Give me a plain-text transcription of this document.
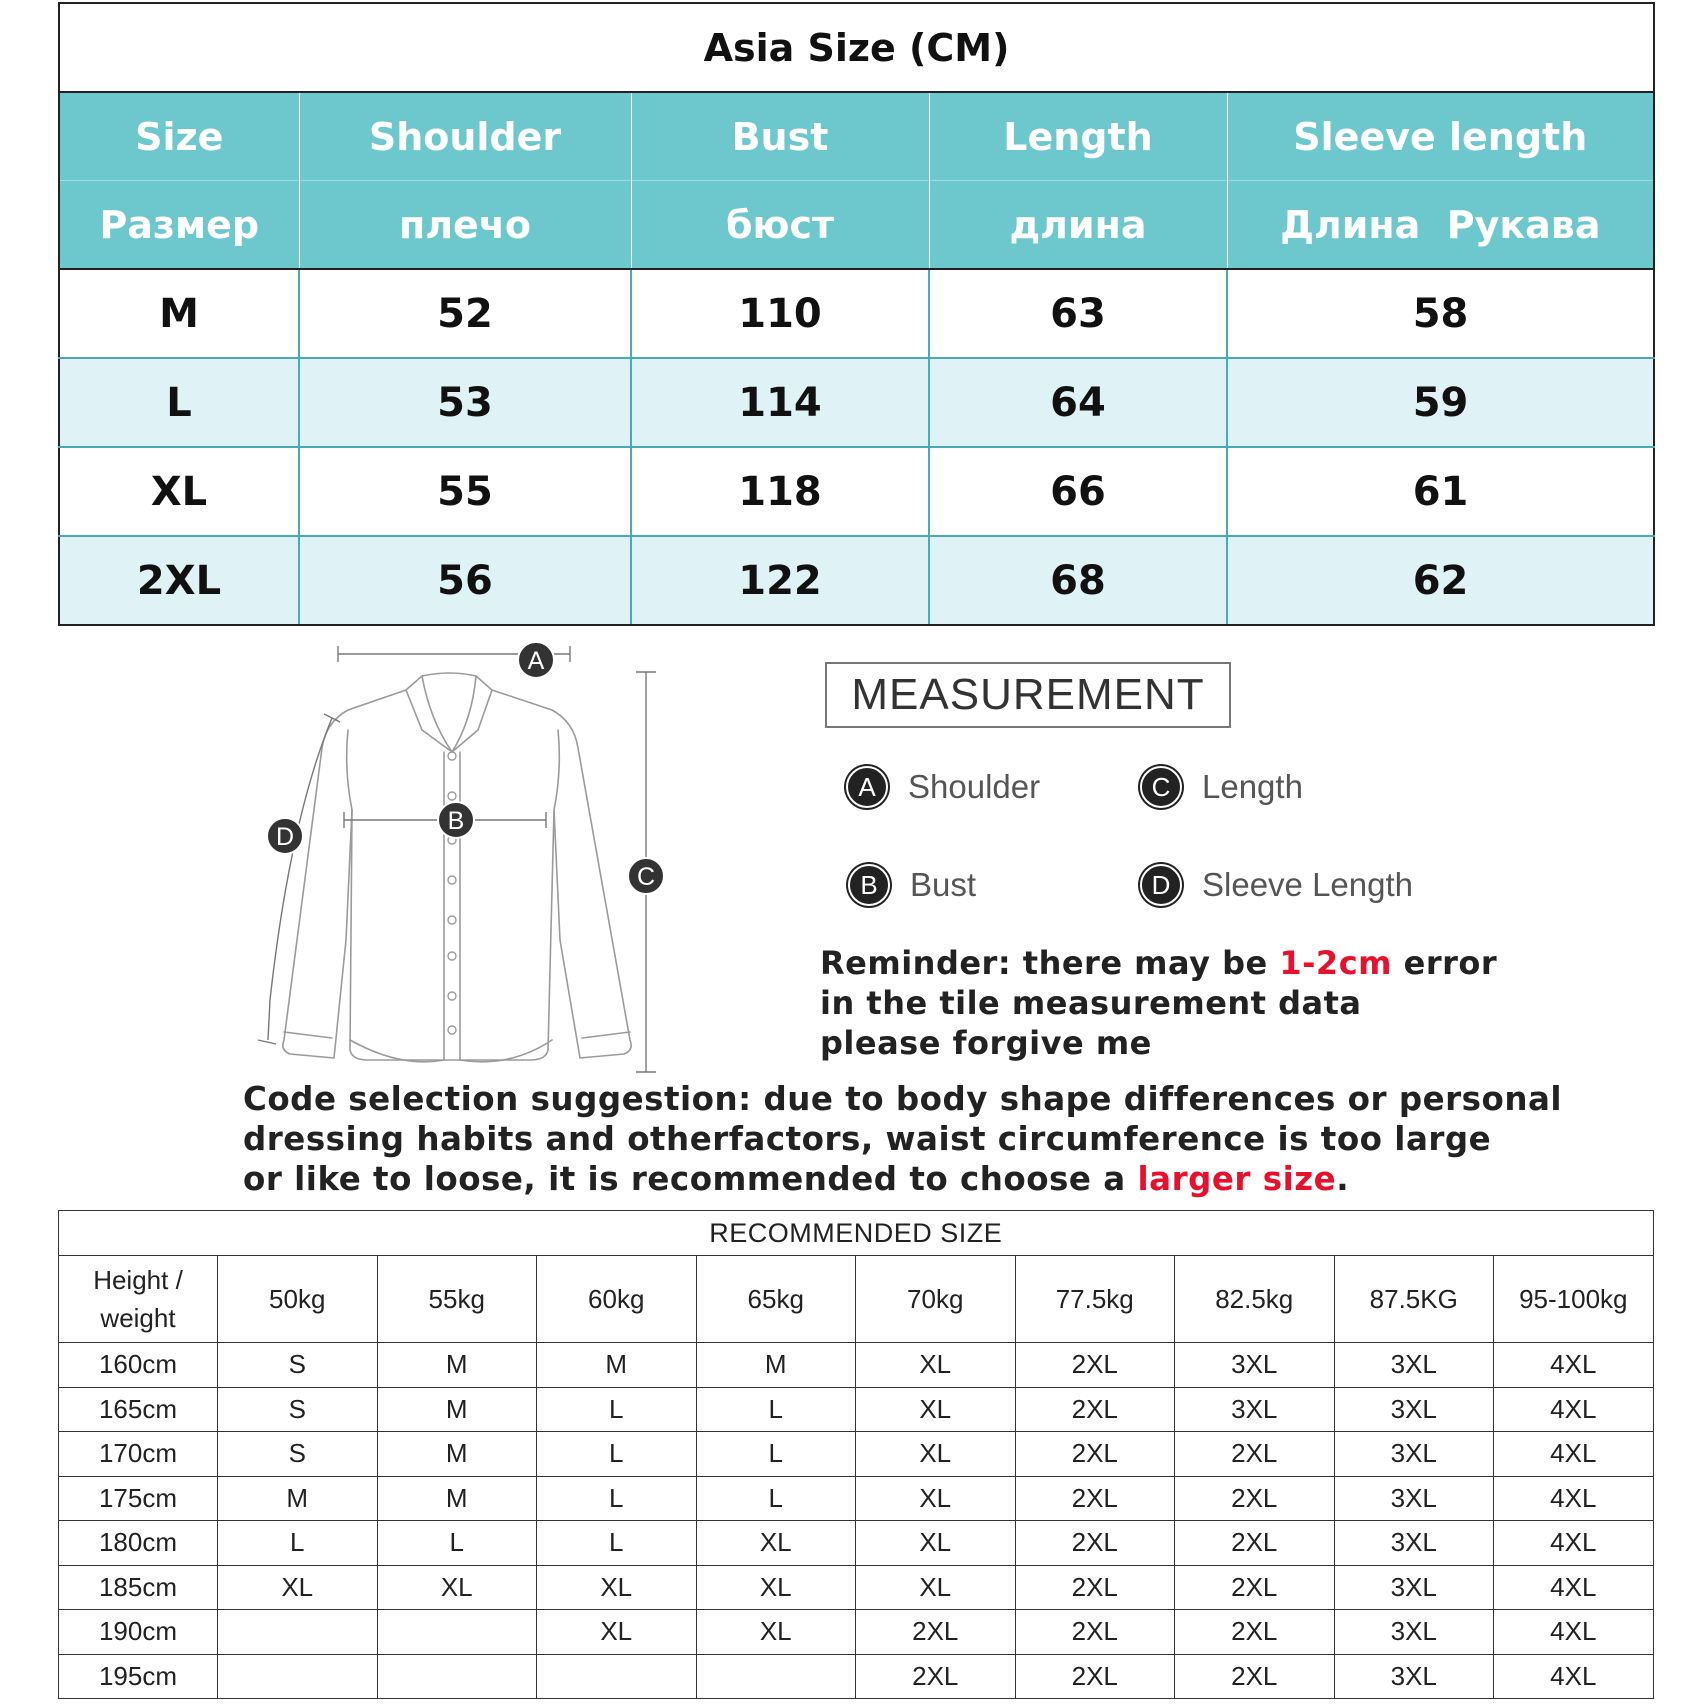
Asia Size (CM)				
Size	Shoulder	Bust	Length	Sleeve length
Размер	плечо	бюст	длина	Длина  Рукава
M	52	110	63	58
L	53	114	64	59
XL	55	118	66	61
2XL	56	122	68	62
A
B
C
D
MEASUREMENT
A Shoulder	C Length
B Bust	D Sleeve Length
Reminder: there may be 1-2cm error
in the tile measurement data
please forgive me
Code selection suggestion: due to body shape differences or personal
dressing habits and otherfactors, waist circumference is too large
or like to loose, it is recommended to choose a larger size.
RECOMMENDED SIZE									

Height /
weight	50kg	55kg	60kg	65kg	70kg	77.5kg	82.5kg	87.5KG	95-100kg
160cm	S	M	M	M	XL	2XL	3XL	3XL	4XL
165cm	S	M	L	L	XL	2XL	3XL	3XL	4XL
170cm	S	M	L	L	XL	2XL	2XL	3XL	4XL
175cm	M	M	L	L	XL	2XL	2XL	3XL	4XL
180cm	L	L	L	XL	XL	2XL	2XL	3XL	4XL
185cm	XL	XL	XL	XL	XL	2XL	2XL	3XL	4XL
190cm			XL	XL	2XL	2XL	2XL	3XL	4XL
195cm					2XL	2XL	2XL	3XL	4XL
